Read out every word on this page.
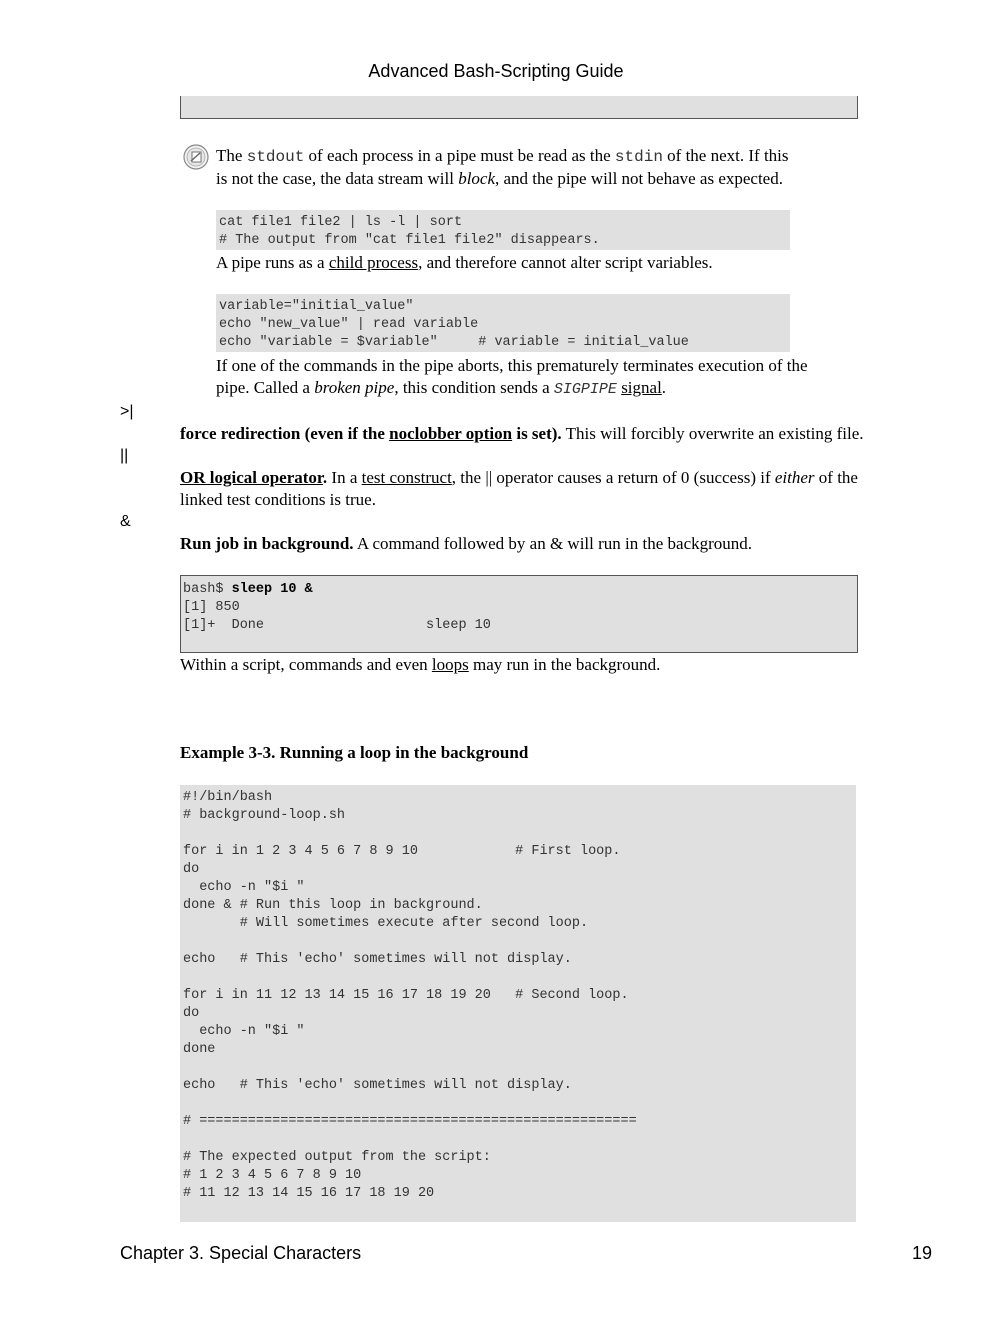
Advanced Bash-Scripting Guide
The stdout of each process in a pipe must be read as the stdin of the next. If this
is not the case, the data stream will block, and the pipe will not behave as expected.
cat file1 file2 | ls -l | sort
# The output from "cat file1 file2" disappears.
A pipe runs as a child process, and therefore cannot alter script variables.
variable="initial_value"
echo "new_value" | read variable
echo "variable = $variable"     # variable = initial_value
If one of the commands in the pipe aborts, this prematurely terminates execution of the
pipe. Called a broken pipe, this condition sends a SIGPIPE signal.
>|
force redirection (even if the noclobber option is set). This will forcibly overwrite an existing file.
||
OR logical operator. In a test construct, the || operator causes a return of 0 (success) if either of the
linked test conditions is true.
&
Run job in background. A command followed by an & will run in the background.
bash$ sleep 10 &
[1] 850
[1]+  Done                    sleep 10
Within a script, commands and even loops may run in the background.
Example 3-3. Running a loop in the background
#!/bin/bash
# background-loop.sh

for i in 1 2 3 4 5 6 7 8 9 10            # First loop.
do
echo -n "$i "
done & # Run this loop in background.
# Will sometimes execute after second loop.

echo   # This 'echo' sometimes will not display.

for i in 11 12 13 14 15 16 17 18 19 20   # Second loop.
do
echo -n "$i "
done

echo   # This 'echo' sometimes will not display.

# ======================================================

# The expected output from the script:
# 1 2 3 4 5 6 7 8 9 10
# 11 12 13 14 15 16 17 18 19 20
Chapter 3. Special Characters	19
